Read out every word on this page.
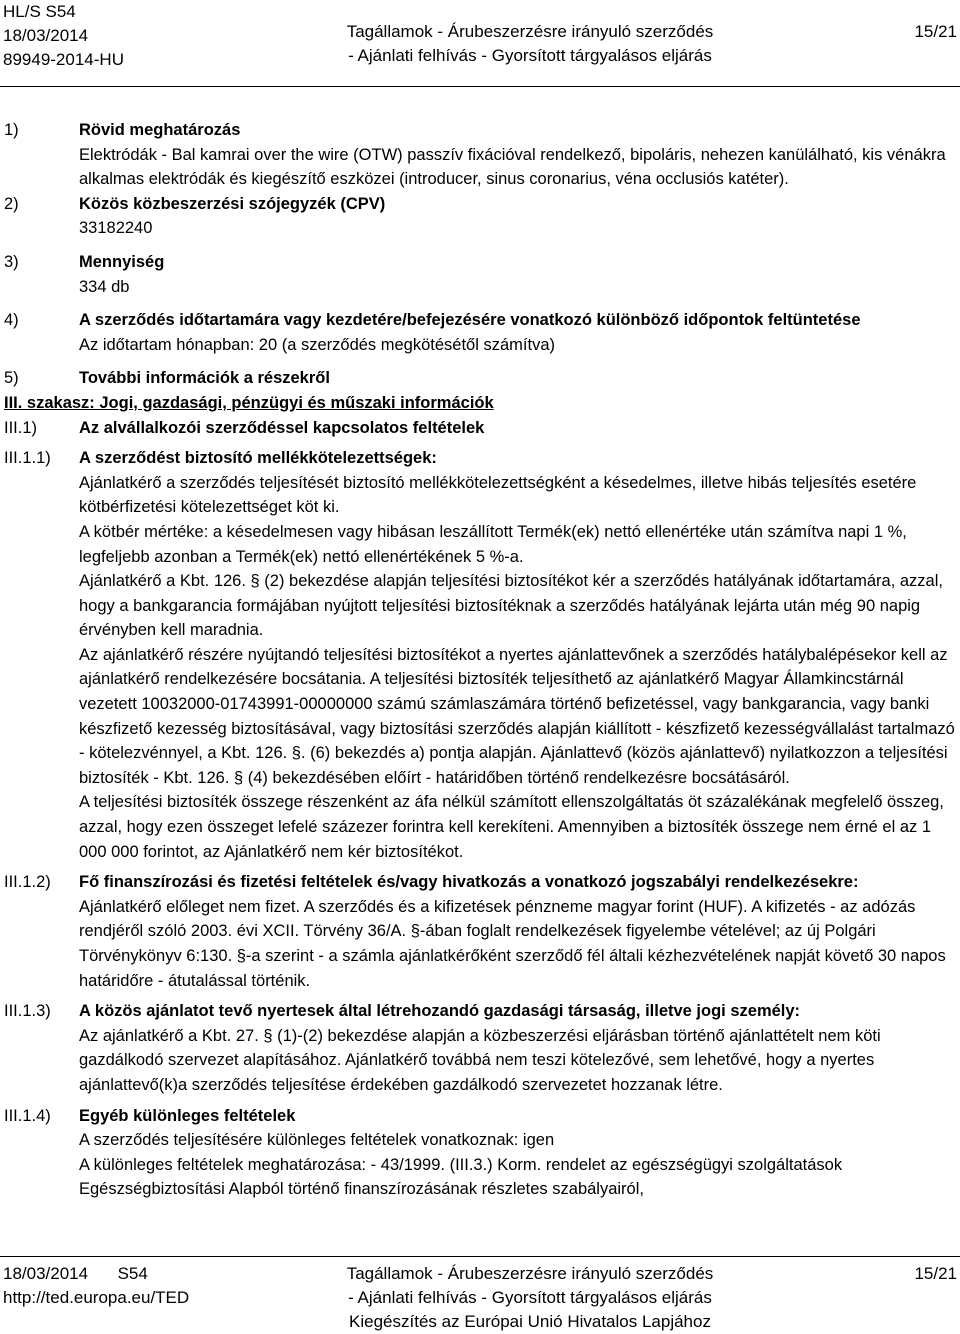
HL/S S54
18/03/2014
89949-2014-HU
Tagállamok - Árubeszerzésre irányuló szerződés
- Ajánlati felhívás - Gyorsított tárgyalásos eljárás
15/21
1)	Rövid meghatározás
Elektródák - Bal kamrai over the wire (OTW) passzív fixációval rendelkező, bipoláris, nehezen kanülálható, kis vénákra alkalmas elektródák és kiegészítő eszközei (introducer, sinus coronarius, véna occlusiós katéter).
2)	Közös közbeszerzési szójegyzék (CPV)
33182240
3)	Mennyiség
334 db
4)	A szerződés időtartamára vagy kezdetére/befejezésére vonatkozó különböző időpontok feltüntetése
Az időtartam hónapban: 20 (a szerződés megkötésétől számítva)
5)	További információk a részekről
III. szakasz: Jogi, gazdasági, pénzügyi és műszaki információk
III.1)	Az alvállalkozói szerződéssel kapcsolatos feltételek
III.1.1)	A szerződést biztosító mellékkötelezettségek:
Ajánlatkérő a szerződés teljesítését biztosító mellékkötelezettségként a késedelmes, illetve hibás teljesítés esetére kötbérfizetési kötelezettséget köt ki.
A kötbér mértéke: a késedelmesen vagy hibásan leszállított Termék(ek) nettó ellenértéke után számítva napi 1 %, legfeljebb azonban a Termék(ek) nettó ellenértékének 5 %-a.
Ajánlatkérő a Kbt. 126. § (2) bekezdése alapján teljesítési biztosítékot kér a szerződés hatályának időtartamára, azzal, hogy a bankgarancia formájában nyújtott teljesítési biztosítéknak a szerződés hatályának lejárta után még 90 napig érvényben kell maradnia.
Az ajánlatkérő részére nyújtandó teljesítési biztosítékot a nyertes ajánlattevőnek a szerződés hatálybalépésekor kell az ajánlatkérő rendelkezésére bocsátania. A teljesítési biztosíték teljesíthető az ajánlatkérő Magyar Államkincstárnál vezetett 10032000-01743991-00000000 számú számlaszámára történő befizetéssel, vagy bankgarancia, vagy banki készfizető kezesség biztosításával, vagy biztosítási szerződés alapján kiállított - készfizető kezességvállalást tartalmazó - kötelezvénnyel, a Kbt. 126. §. (6) bekezdés a) pontja alapján. Ajánlattevő (közös ajánlattevő) nyilatkozzon a teljesítési biztosíték - Kbt. 126. § (4) bekezdésében előírt - határidőben történő rendelkezésre bocsátásáról.
A teljesítési biztosíték összege részenként az áfa nélkül számított ellenszolgáltatás öt százalékának megfelelő összeg, azzal, hogy ezen összeget lefelé százezer forintra kell kerekíteni. Amennyiben a biztosíték összege nem érné el az 1 000 000 forintot, az Ajánlatkérő nem kér biztosítékot.
III.1.2)	Fő finanszírozási és fizetési feltételek és/vagy hivatkozás a vonatkozó jogszabályi rendelkezésekre:
Ajánlatkérő előleget nem fizet. A szerződés és a kifizetések pénzneme magyar forint (HUF). A kifizetés - az adózás rendjéről szóló 2003. évi XCII. Törvény 36/A. §-ában foglalt rendelkezések figyelembe vételével; az új Polgári Törvénykönyv 6:130. §-a szerint - a számla ajánlatkérőként szerződő fél általi kézhezvételének napját követő 30 napos határidőre - átutalással történik.
III.1.3)	A közös ajánlatot tevő nyertesek által létrehozandó gazdasági társaság, illetve jogi személy:
Az ajánlatkérő a Kbt. 27. § (1)-(2) bekezdése alapján a közbeszerzési eljárásban történő ajánlattételt nem köti gazdálkodó szervezet alapításához. Ajánlatkérő továbbá nem teszi kötelezővé, sem lehetővé, hogy a nyertes ajánlattevő(k)a szerződés teljesítése érdekében gazdálkodó szervezetet hozzanak létre.
III.1.4)	Egyéb különleges feltételek
A szerződés teljesítésére különleges feltételek vonatkoznak: igen
A különleges feltételek meghatározása: - 43/1999. (III.3.) Korm. rendelet az egészségügyi szolgáltatások Egészségbiztosítási Alapból történő finanszírozásának részletes szabályairól,
18/03/2014 S54
http://ted.europa.eu/TED
Tagállamok - Árubeszerzésre irányuló szerződés
- Ajánlati felhívás - Gyorsított tárgyalásos eljárás
Kiegészítés az Európai Unió Hivatalos Lapjához
15/21
